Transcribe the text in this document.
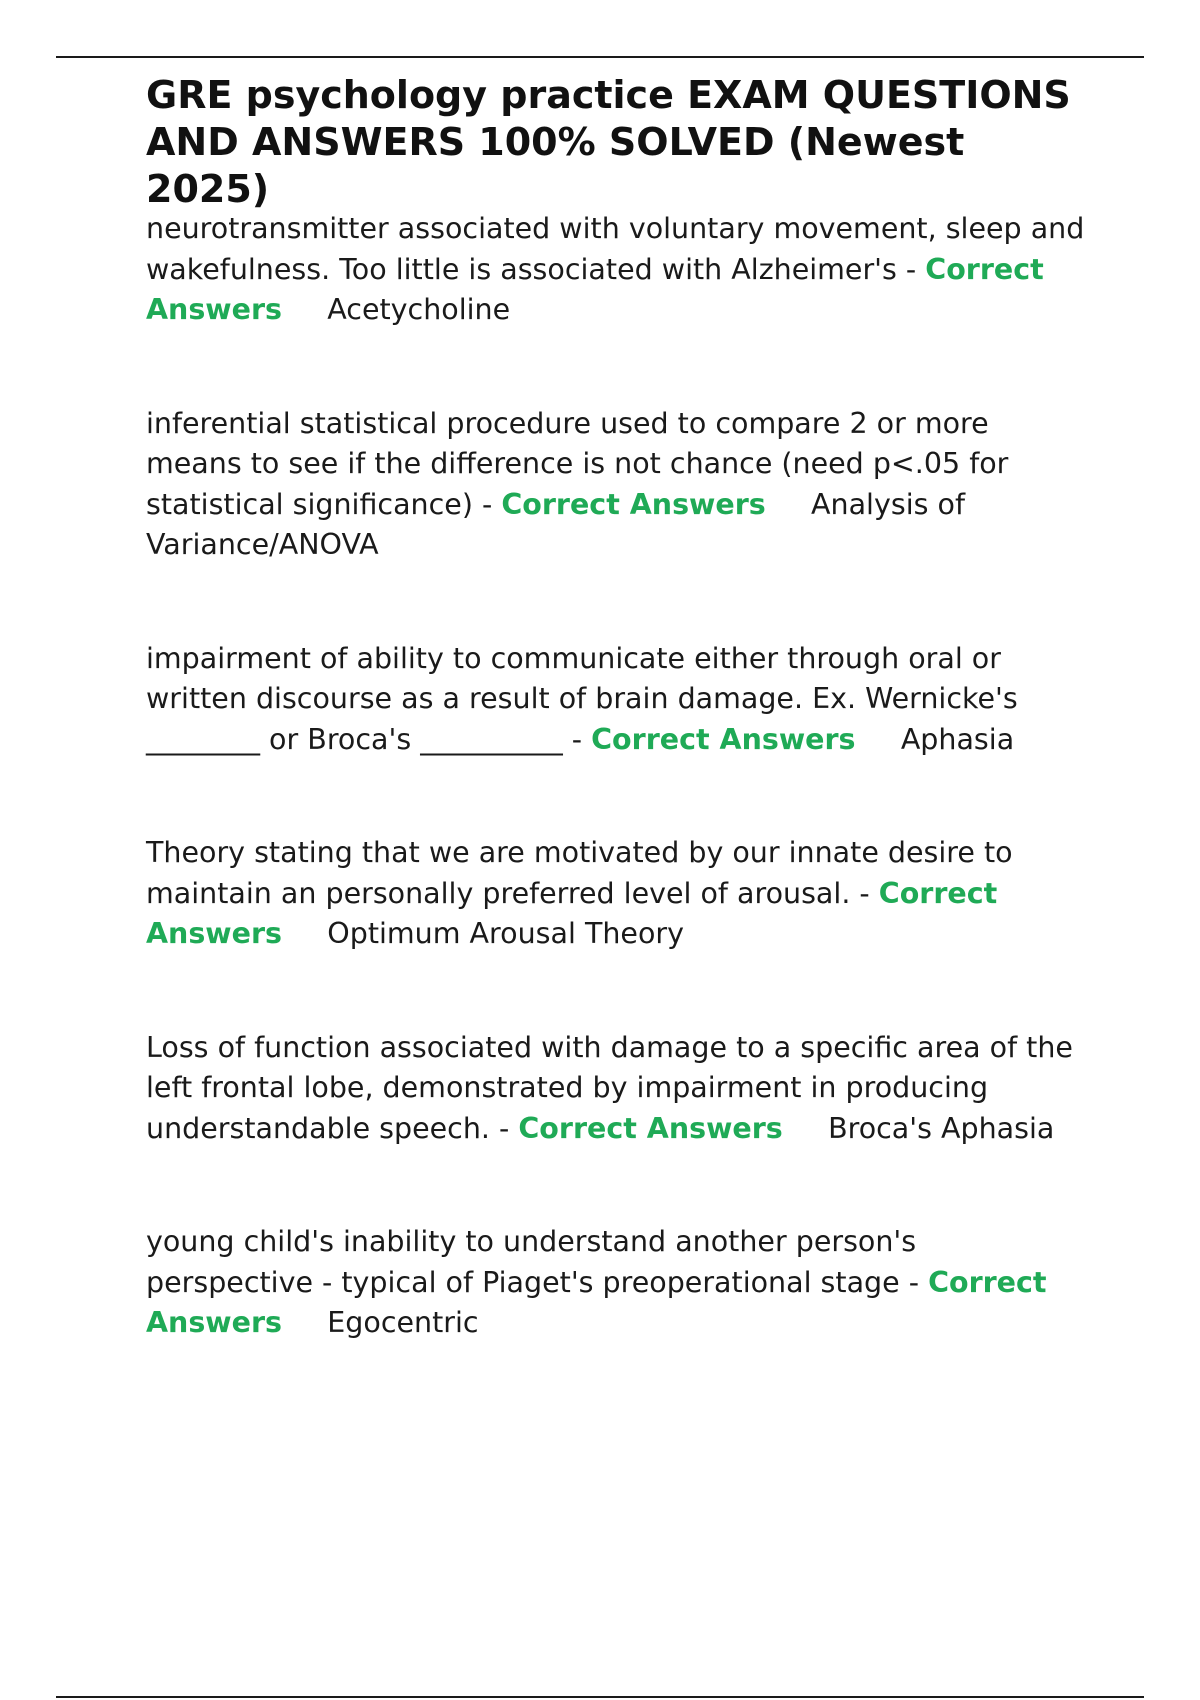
GRE psychology practice EXAM QUESTIONS AND ANSWERS 100% SOLVED (Newest 2025)

neurotransmitter associated with voluntary movement, sleep and wakefulness. Too little is associated with Alzheimer's - Correct Answers Acetycholine

inferential statistical procedure used to compare 2 or more means to see if the difference is not chance (need p<.05 for statistical significance) - Correct Answers Analysis of Variance/ANOVA

impairment of ability to communicate either through oral or written discourse as a result of brain damage. Ex. Wernicke's ________ or Broca's __________ - Correct Answers Aphasia

Theory stating that we are motivated by our innate desire to maintain an personally preferred level of arousal. - Correct Answers Optimum Arousal Theory

Loss of function associated with damage to a specific area of the left frontal lobe, demonstrated by impairment in producing understandable speech. - Correct Answers Broca's Aphasia

young child's inability to understand another person's perspective - typical of Piaget's preoperational stage - Correct Answers Egocentric
